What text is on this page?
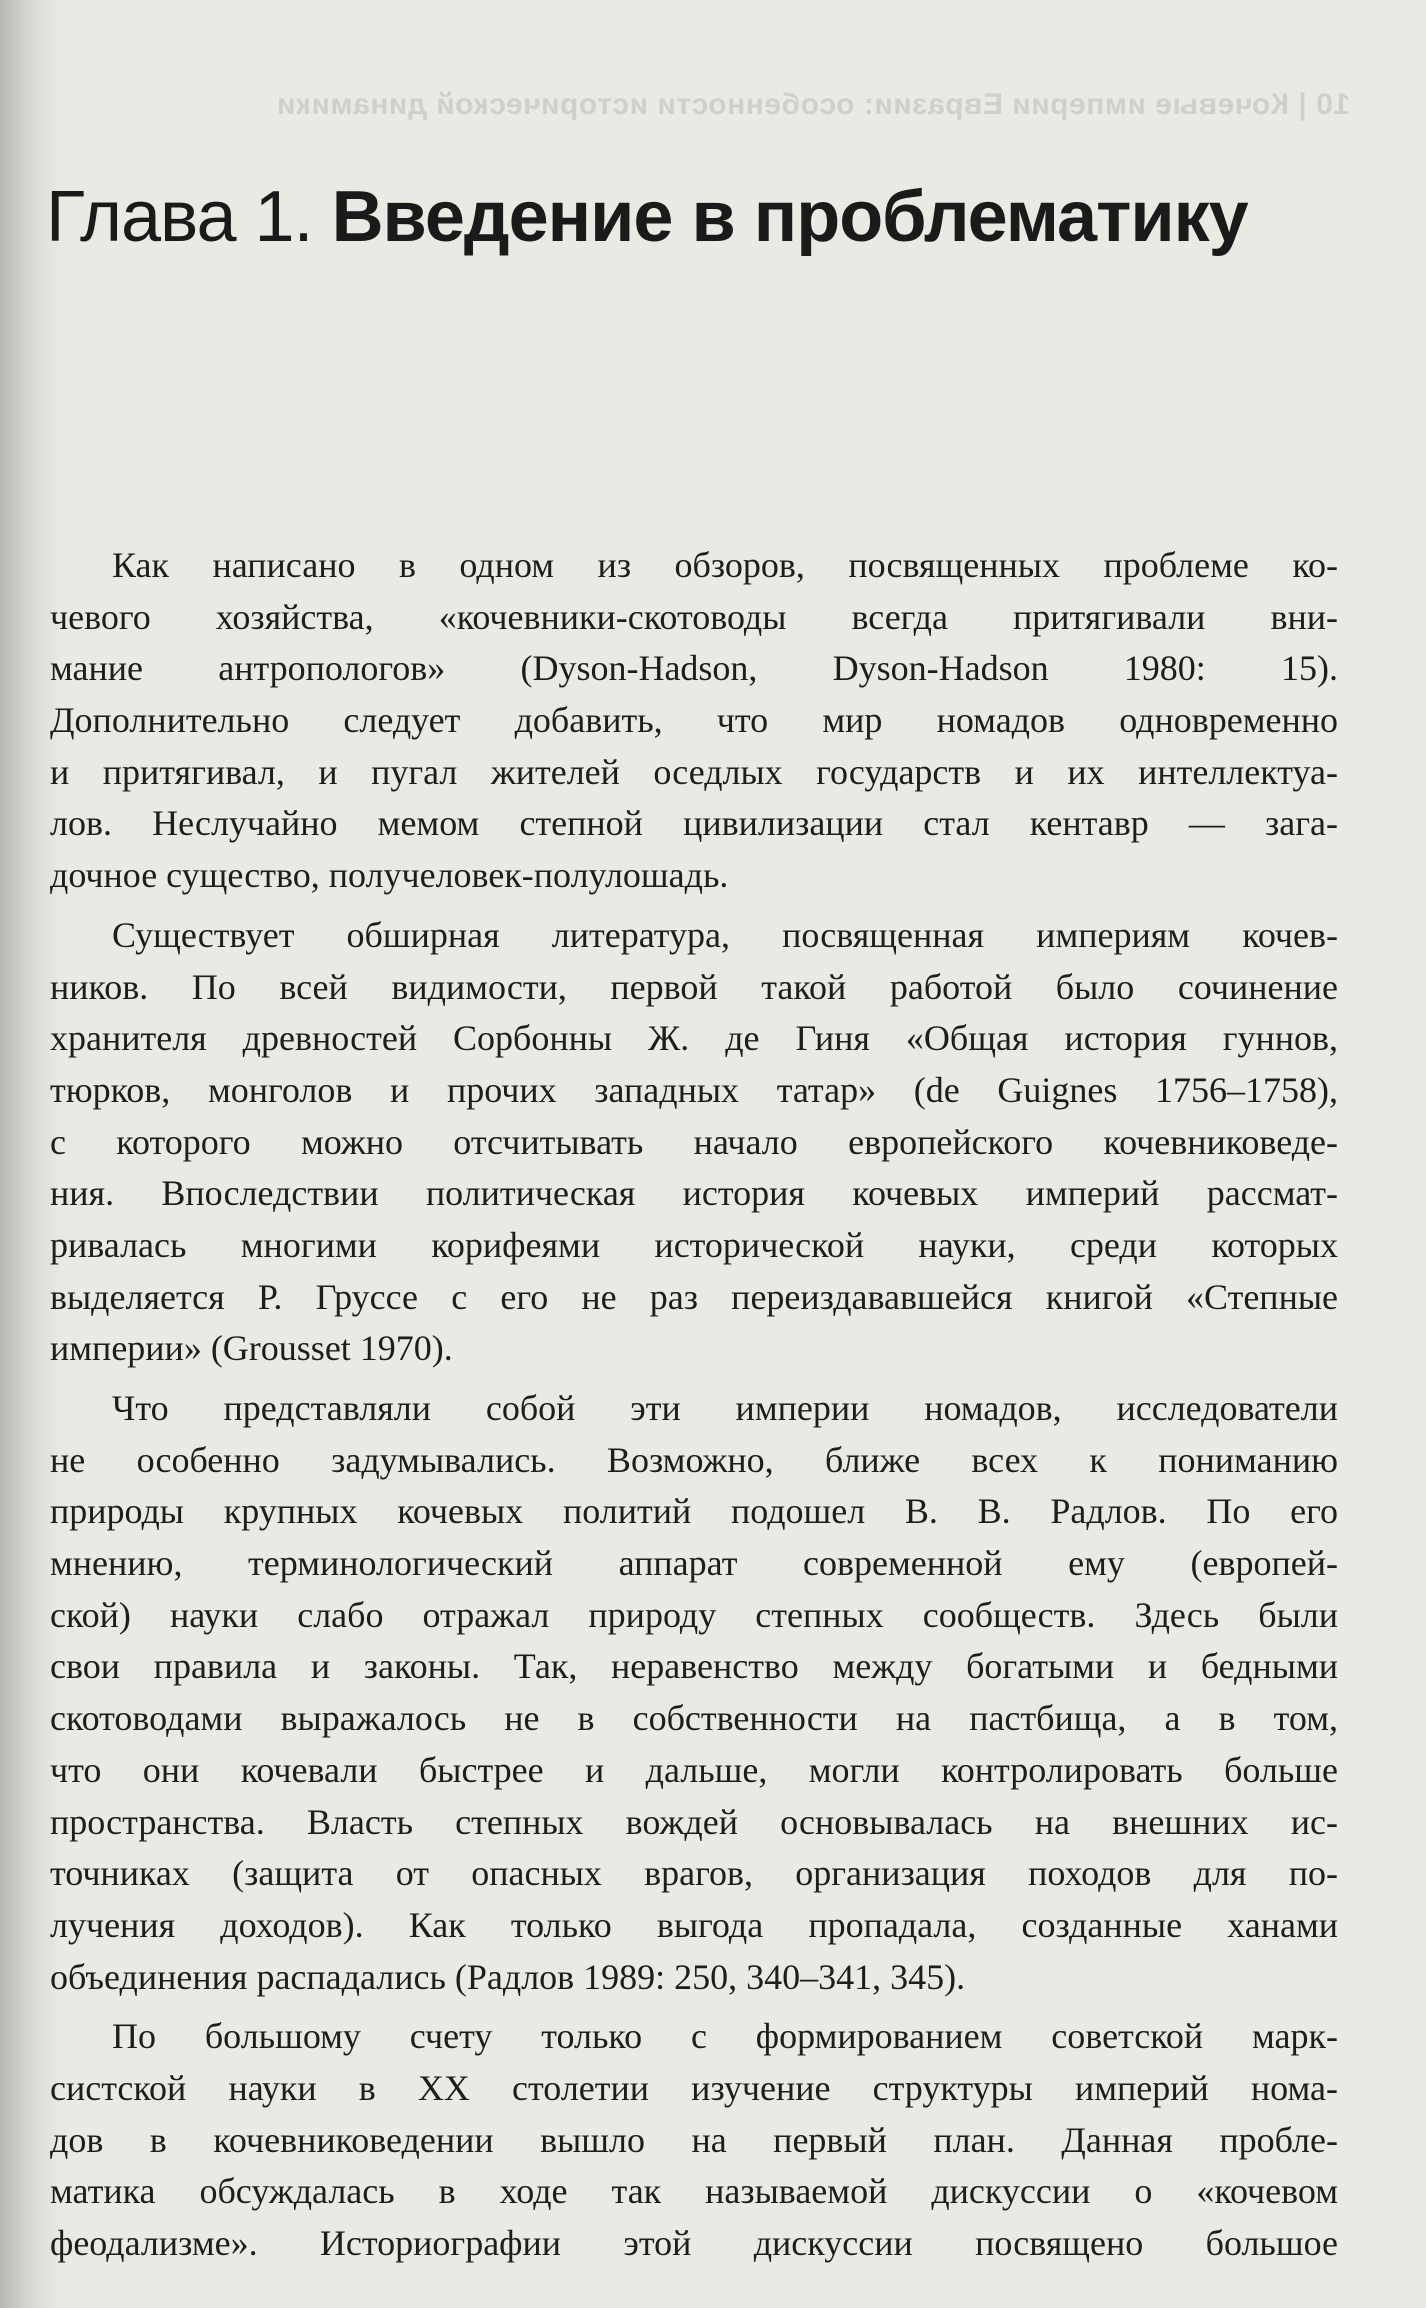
10 | Кочевые империи Евразии: особенности исторической динамики
Глава 1. Введение в проблематику
Как написано в одном из обзоров, посвященных проблеме ко-
чевого хозяйства, «кочевники-скотоводы всегда притягивали вни-
мание антропологов» (Dyson-Hadson, Dyson-Hadson 1980: 15).
Дополнительно следует добавить, что мир номадов одновременно
и притягивал, и пугал жителей оседлых государств и их интеллектуа-
лов. Неслучайно мемом степной цивилизации стал кентавр — зага-
дочное существо, получеловек-полулошадь.
Существует обширная литература, посвященная империям кочев-
ников. По всей видимости, первой такой работой было сочинение
хранителя древностей Сорбонны Ж. де Гиня «Общая история гуннов,
тюрков, монголов и прочих западных татар» (de Guignes 1756–1758),
с которого можно отсчитывать начало европейского кочевниковеде-
ния. Впоследствии политическая история кочевых империй рассмат-
ривалась многими корифеями исторической науки, среди которых
выделяется Р. Груссе с его не раз переиздававшейся книгой «Степные
империи» (Grousset 1970).
Что представляли собой эти империи номадов, исследователи
не особенно задумывались. Возможно, ближе всех к пониманию
природы крупных кочевых политий подошел В. В. Радлов. По его
мнению, терминологический аппарат современной ему (европей-
ской) науки слабо отражал природу степных сообществ. Здесь были
свои правила и законы. Так, неравенство между богатыми и бедными
скотоводами выражалось не в собственности на пастбища, а в том,
что они кочевали быстрее и дальше, могли контролировать больше
пространства. Власть степных вождей основывалась на внешних ис-
точниках (защита от опасных врагов, организация походов для по-
лучения доходов). Как только выгода пропадала, созданные ханами
объединения распадались (Радлов 1989: 250, 340–341, 345).
По большому счету только с формированием советской марк-
систской науки в XX столетии изучение структуры империй нома-
дов в кочевниковедении вышло на первый план. Данная пробле-
матика обсуждалась в ходе так называемой дискуссии о «кочевом
феодализме». Историографии этой дискуссии посвящено большое
